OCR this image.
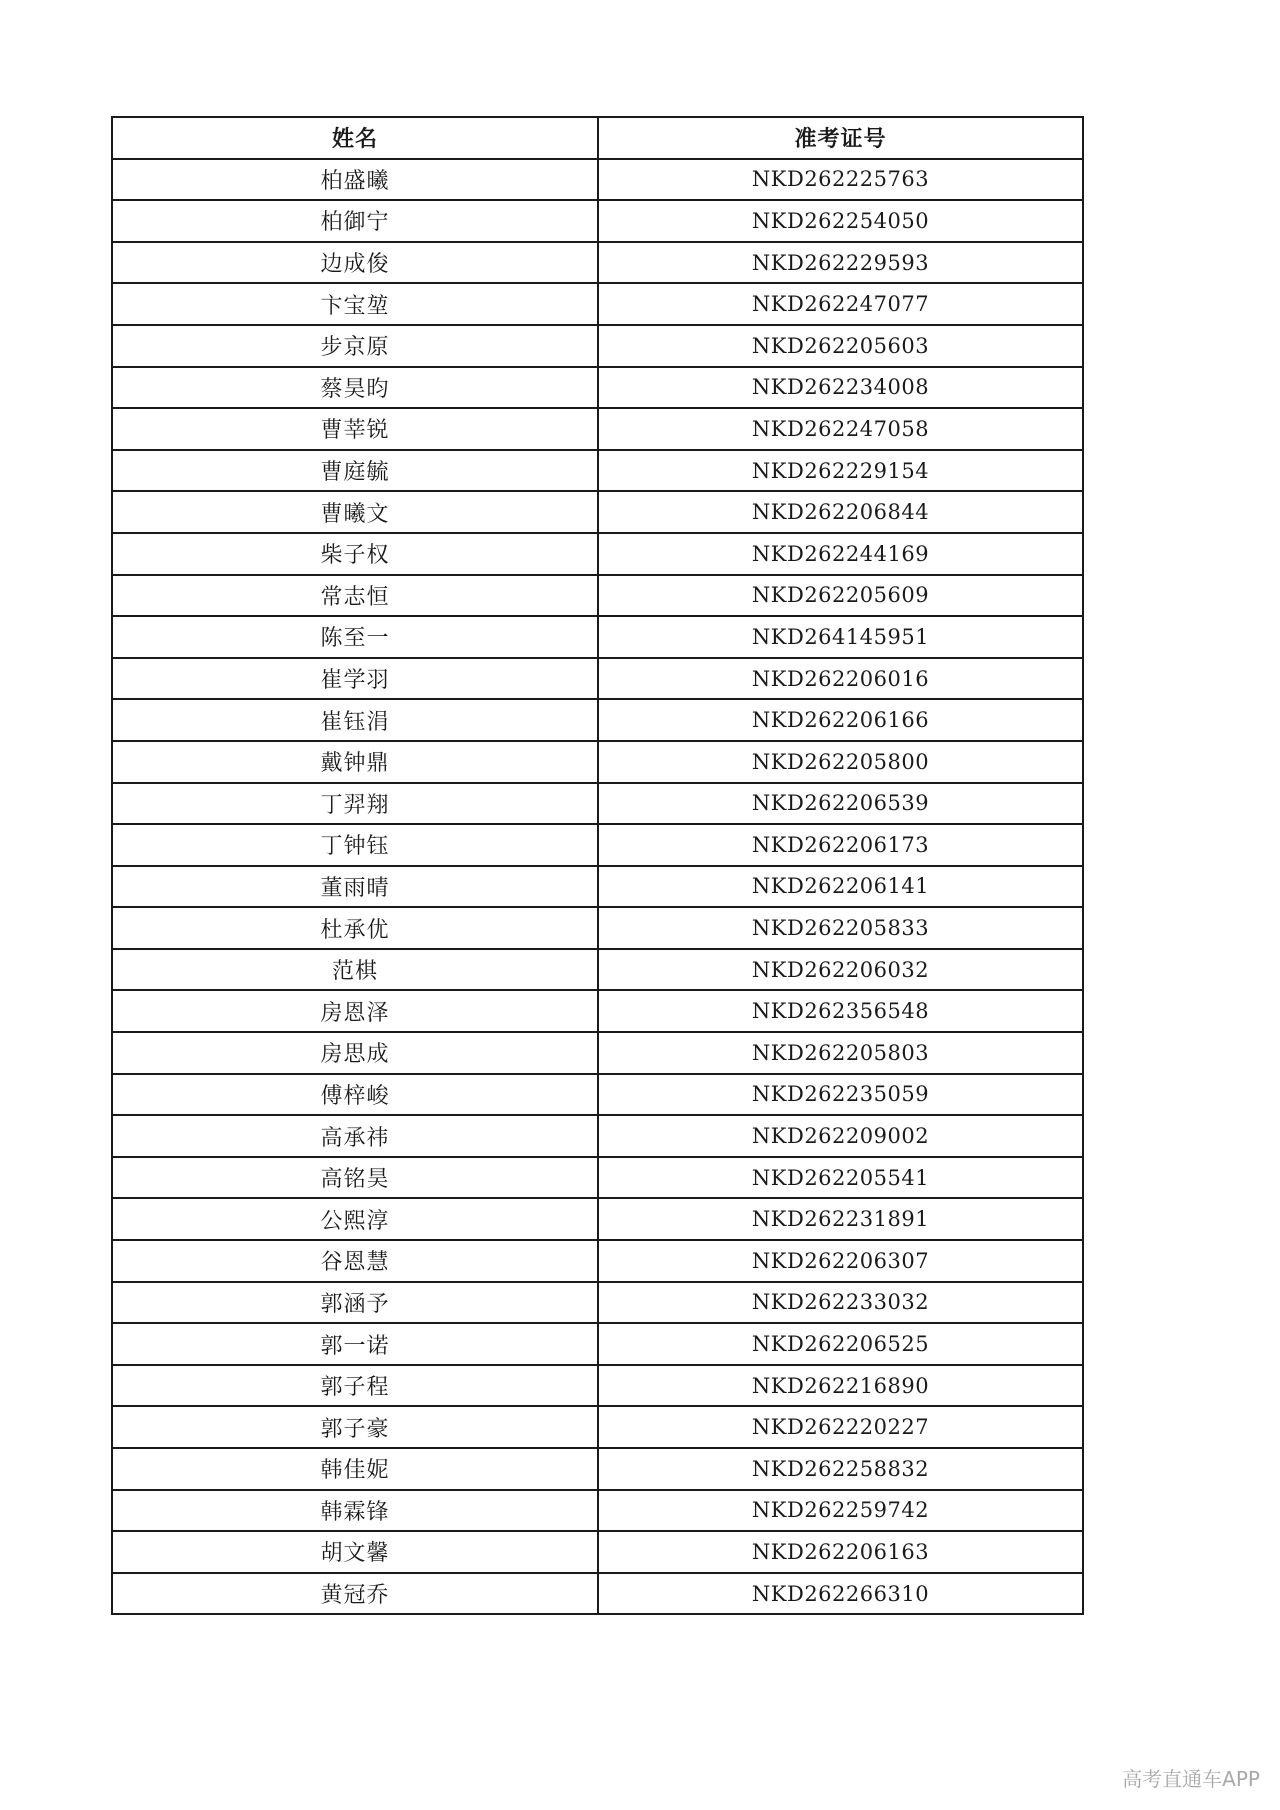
姓名	准考证号
柏盛曦	NKD262225763
柏御宁	NKD262254050
边成俊	NKD262229593
卞宝堃	NKD262247077
步京原	NKD262205603
蔡昊昀	NKD262234008
曹莘锐	NKD262247058
曹庭毓	NKD262229154
曹曦文	NKD262206844
柴子权	NKD262244169
常志恒	NKD262205609
陈至一	NKD264145951
崔学羽	NKD262206016
崔钰涓	NKD262206166
戴钟鼎	NKD262205800
丁羿翔	NKD262206539
丁钟钰	NKD262206173
董雨晴	NKD262206141
杜承优	NKD262205833
范棋	NKD262206032
房恩泽	NKD262356548
房思成	NKD262205803
傅梓峻	NKD262235059
高承祎	NKD262209002
高铭昊	NKD262205541
公熙淳	NKD262231891
谷恩慧	NKD262206307
郭涵予	NKD262233032
郭一诺	NKD262206525
郭子程	NKD262216890
郭子豪	NKD262220227
韩佳妮	NKD262258832
韩霖锋	NKD262259742
胡文馨	NKD262206163
黄冠乔	NKD262266310
高考直通车APP
